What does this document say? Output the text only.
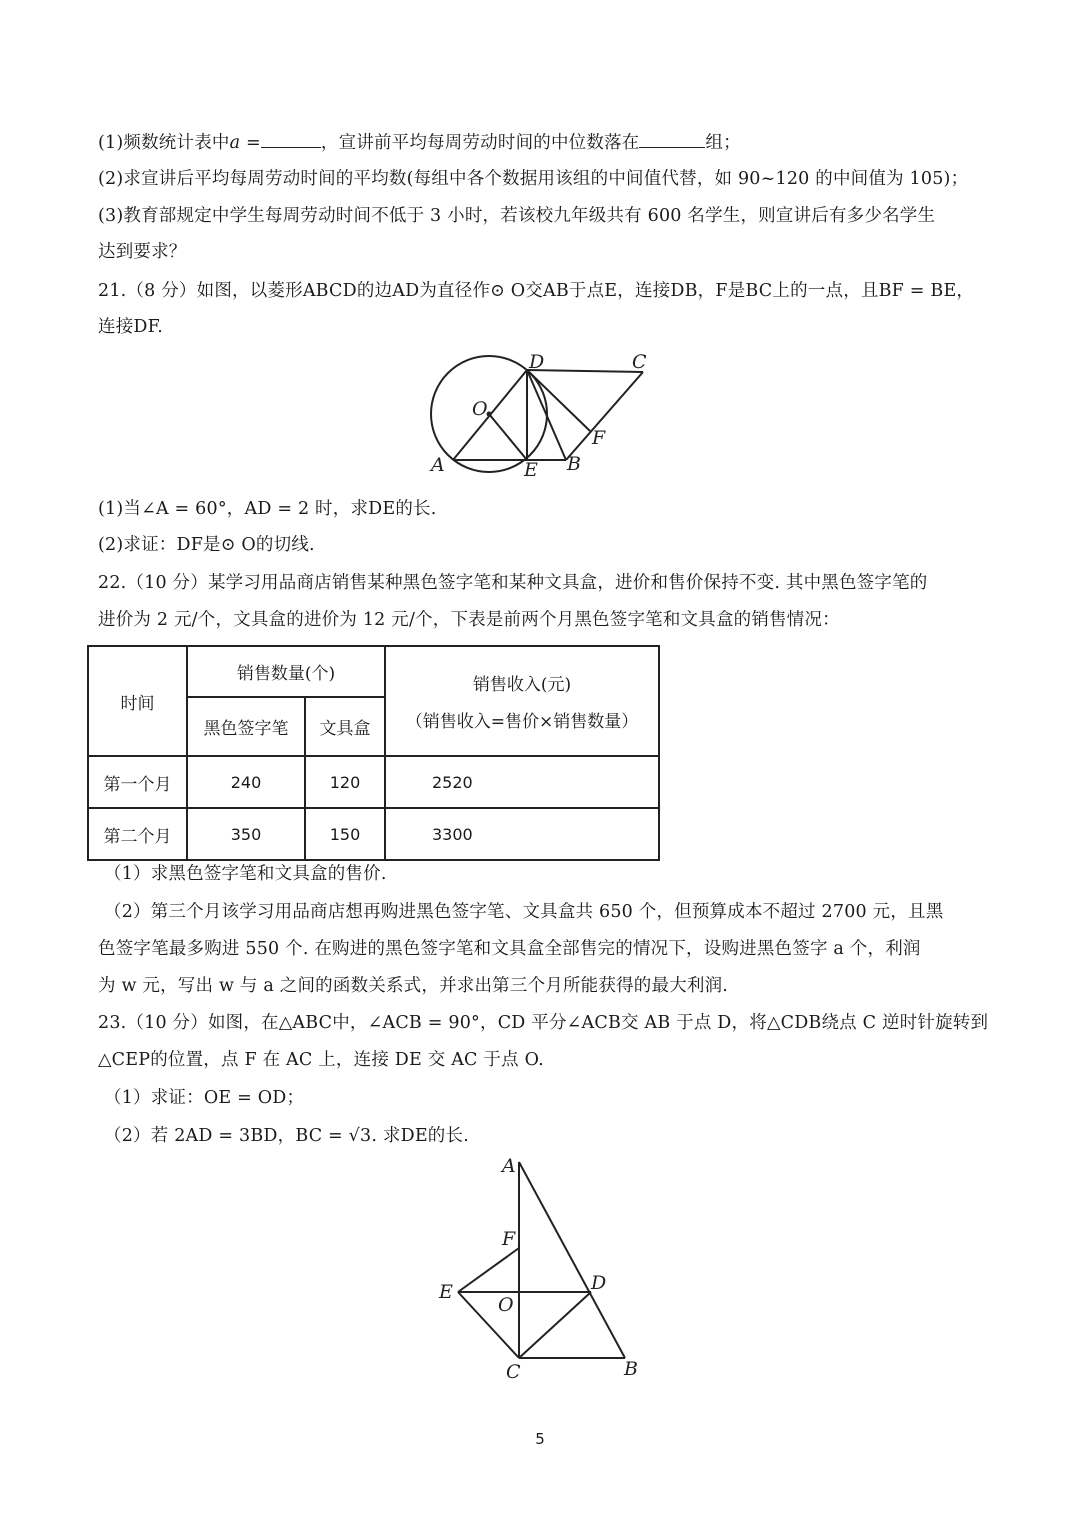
(1)频数统计表中a =	，宣讲前平均每周劳动时间的中位数落在	组；
(2)求宣讲后平均每周劳动时间的平均数(每组中各个数据用该组的中间值代替，如 90~120 的中间值为 105)；
(3)教育部规定中学生每周劳动时间不低于 3 小时，若该校九年级共有 600 名学生，则宣讲后有多少名学生
达到要求？
21.（8 分）如图，以菱形ABCD的边AD为直径作⊙ O交AB于点E，连接DB，F是BC上的一点，且BF = BE，
连接DF.
A	B
C
D
E
F
O
A
B
C
D
E
F
O
(1)当∠A = 60°，AD = 2 时，求DE的长.
(2)求证：DF是⊙ O的切线.
22.（10 分）某学习用品商店销售某种黑色签字笔和某种文具盒，进价和售价保持不变. 其中黑色签字笔的
进价为 2 元/个，文具盒的进价为 12 元/个，下表是前两个月黑色签字笔和文具盒的销售情况：
时间	销售数量(个)		销售收入(元)
（销售收入=售价×销售数量）

	黑色签字笔	文具盒	
第一个月	240	120	2520
第二个月	350	150	3300
（1）求黑色签字笔和文具盒的售价.
（2）第三个月该学习用品商店想再购进黑色签字笔、文具盒共 650 个，但预算成本不超过 2700 元，且黑
色签字笔最多购进 550 个. 在购进的黑色签字笔和文具盒全部售完的情况下，设购进黑色签字 a 个，利润
为 w 元，写出 w 与 a 之间的函数关系式，并求出第三个月所能获得的最大利润.
23.（10 分）如图，在△ABC中，∠ACB = 90°，CD 平分∠ACB交 AB 于点 D，将△CDB绕点 C 逆时针旋转到
△CEP的位置，点 F 在 AC 上，连接 DE 交 AC 于点 O.
（1）求证：OE = OD；
（2）若 2AD = 3BD，BC = √3. 求DE的长.
5
